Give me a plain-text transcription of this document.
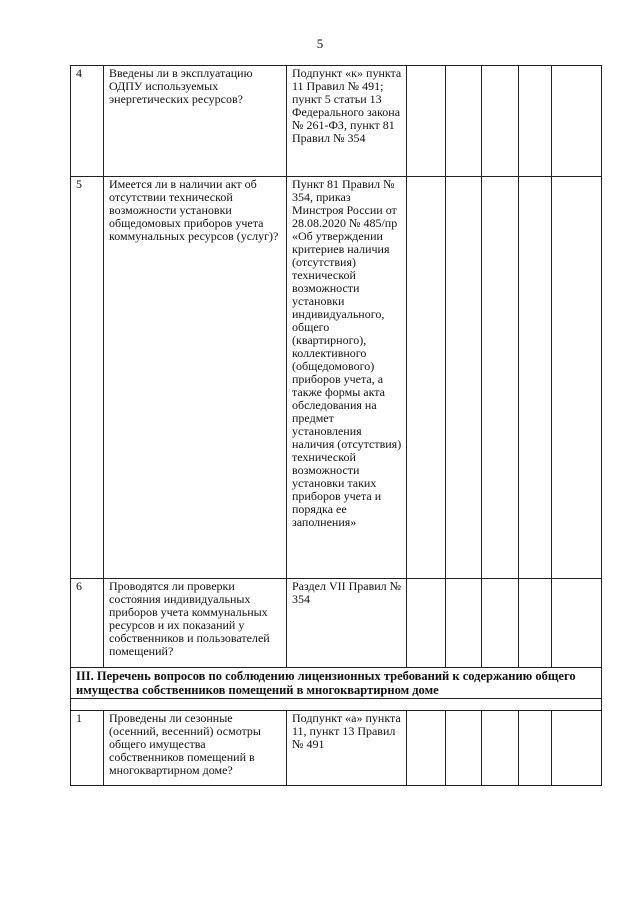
5
4	Введены ли в эксплуатацию ОДПУ используемых энергетических ресурсов?	Подпункт «к» пункта 11 Правил № 491; пункт 5 статьи 13 Федерального закона № 261-ФЗ, пункт 81 Правил № 354					
5	Имеется ли в наличии акт об отсутствии технической возможности установки общедомовых приборов учета коммунальных ресурсов (услуг)?	Пункт 81 Правил № 354, приказ Минстроя России от 28.08.2020 № 485/пр «Об утверждении критериев наличия (отсутствия) технической возможности установки индивидуального, общего (квартирного), коллективного (общедомового) приборов учета, а также формы акта обследования на предмет установления наличия (отсутствия) технической возможности установки таких приборов учета и порядка ее заполнения»					
6	Проводятся ли проверки состояния индивидуальных приборов учета коммунальных ресурсов и их показаний у собственников и пользователей помещений?	Раздел VII Правил № 354					
III. Перечень вопросов по соблюдению лицензионных требований к содержанию общего имущества собственников помещений в многоквартирном доме							

1	Проведены ли сезонные (осенний, весенний) осмотры общего имущества собственников помещений в многоквартирном доме?	Подпункт «а» пункта 11, пункт 13 Правил № 491					
